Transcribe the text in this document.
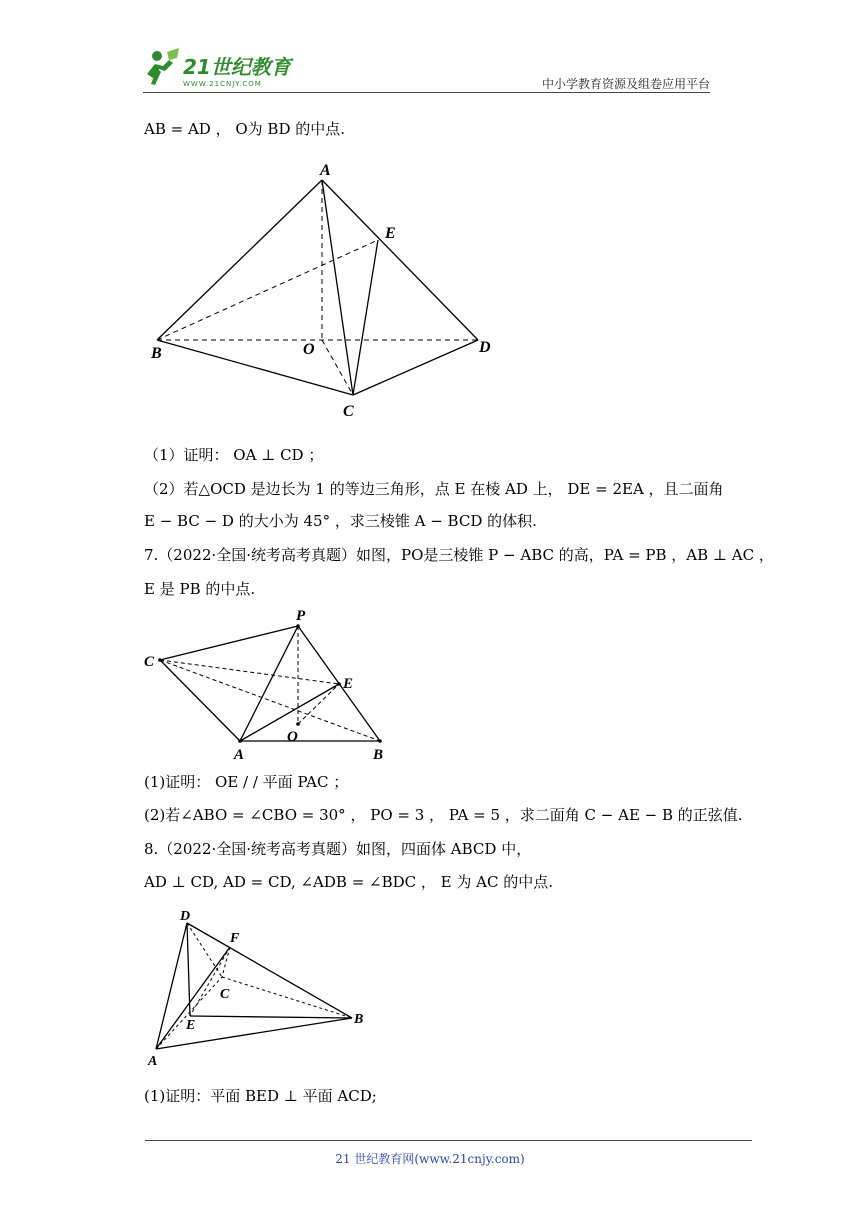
21世纪教育
WWW.21CNJY.COM	中小学教育资源及组卷应用平台
AB = AD ， O为 BD 的中点.
A
E
B	O	D
C
（1）证明： OA ⊥ CD ；
（2）若△OCD 是边长为 1 的等边三角形，点 E 在棱 AD 上， DE = 2EA ，且二面角
E − BC − D 的大小为 45° ，求三棱锥 A − BCD 的体积.
7.（2022·全国·统考高考真题）如图，PO是三棱锥 P − ABC 的高，PA = PB ，AB ⊥ AC ，
E 是 PB 的中点.
P
C
E
A
O
B
(1)证明： OE / / 平面 PAC ；
(2)若∠ABO = ∠CBO = 30° ， PO = 3 ， PA = 5 ，求二面角 C − AE − B 的正弦值.
8.（2022·全国·统考高考真题）如图，四面体 ABCD 中，
AD ⊥ CD, AD = CD, ∠ADB = ∠BDC ， E 为 AC 的中点.
D
F
C
E	B
A
(1)证明：平面 BED ⊥ 平面 ACD;
21 世纪教育网(www.21cnjy.com)
